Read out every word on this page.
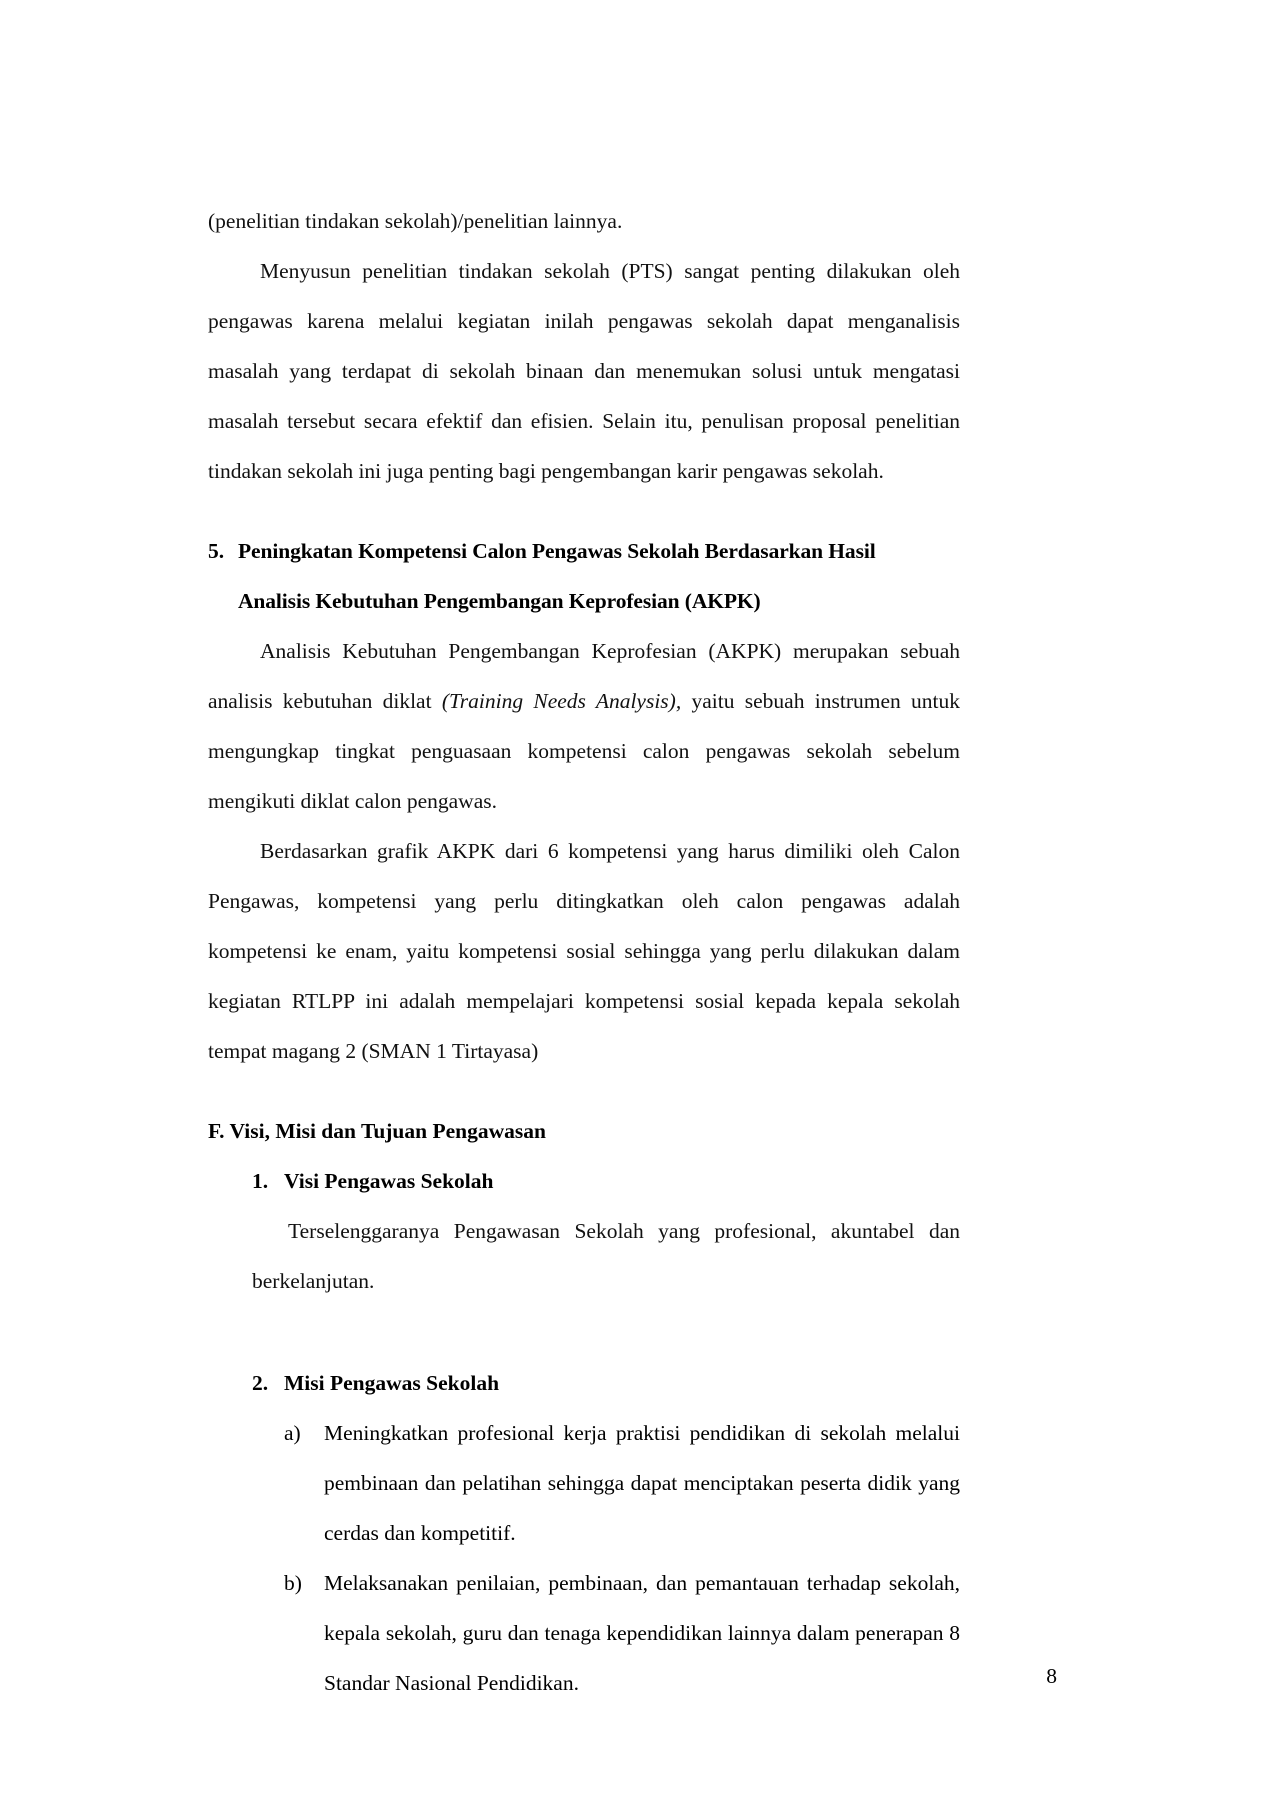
(penelitian tindakan sekolah)/penelitian lainnya.

Menyusun penelitian tindakan sekolah (PTS) sangat penting dilakukan oleh pengawas karena melalui kegiatan inilah pengawas sekolah dapat menganalisis masalah yang terdapat di sekolah binaan dan menemukan solusi untuk mengatasi masalah tersebut secara efektif dan efisien. Selain itu, penulisan proposal penelitian tindakan sekolah ini juga penting bagi pengembangan karir pengawas sekolah.

5. Peningkatan Kompetensi Calon Pengawas Sekolah Berdasarkan Hasil
Analisis Kebutuhan Pengembangan Keprofesian (AKPK)

Analisis Kebutuhan Pengembangan Keprofesian (AKPK) merupakan sebuah analisis kebutuhan diklat (Training Needs Analysis), yaitu sebuah instrumen untuk mengungkap tingkat penguasaan kompetensi calon pengawas sekolah sebelum mengikuti diklat calon pengawas.

Berdasarkan grafik AKPK dari 6 kompetensi yang harus dimiliki oleh Calon Pengawas, kompetensi yang perlu ditingkatkan oleh calon pengawas adalah kompetensi ke enam, yaitu kompetensi sosial sehingga yang perlu dilakukan dalam kegiatan RTLPP ini adalah mempelajari kompetensi sosial kepada kepala sekolah tempat magang 2 (SMAN 1 Tirtayasa)

F. Visi, Misi dan Tujuan Pengawasan
1. Visi Pengawas Sekolah

Terselenggaranya Pengawasan Sekolah yang profesional, akuntabel dan berkelanjutan.

2. Misi Pengawas Sekolah
a)	Meningkatkan profesional kerja praktisi pendidikan di sekolah melalui pembinaan dan pelatihan sehingga dapat menciptakan peserta didik yang cerdas dan kompetitif.
b)	Melaksanakan penilaian, pembinaan, dan pemantauan terhadap sekolah, kepala sekolah, guru dan tenaga kependidikan lainnya dalam penerapan 8 Standar Nasional Pendidikan.	8
